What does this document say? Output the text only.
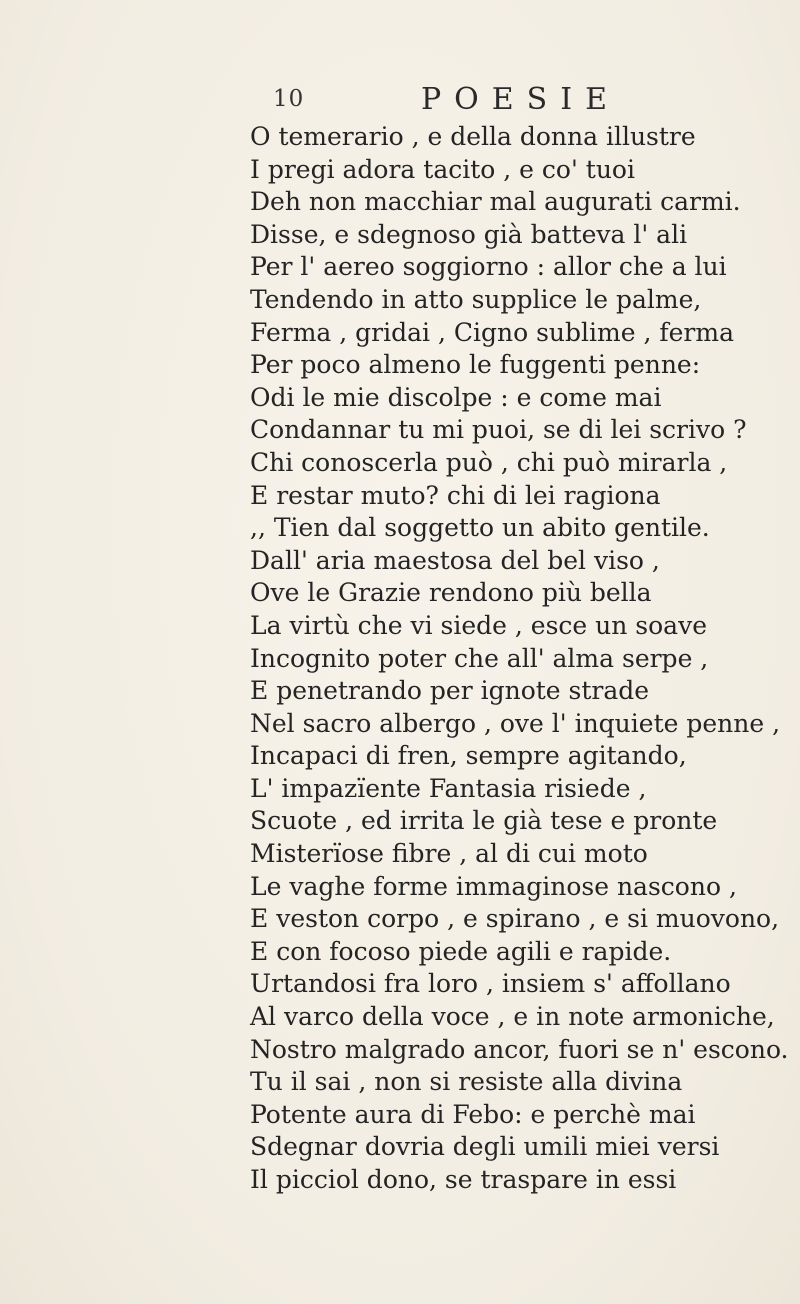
10	POESIE
O temerario , e della donna illustre
I pregi adora tacito , e co' tuoi
Deh non macchiar mal augurati carmi.
Disse, e sdegnoso già batteva l' ali
Per l' aereo soggiorno : allor che a lui
Tendendo in atto supplice le palme,
Ferma , gridai , Cigno sublime , ferma
Per poco almeno le fuggenti penne:
Odi le mie discolpe : e come mai
Condannar tu mi puoi, se di lei scrivo ?
Chi conoscerla può , chi può mirarla ,
E restar muto? chi di lei ragiona
,, Tien dal soggetto un abito gentile.
Dall' aria maestosa del bel viso ,
Ove le Grazie rendono più bella
La virtù che vi siede , esce un soave
Incognito poter che all' alma serpe ,
E penetrando per ignote strade
Nel sacro albergo , ove l' inquiete penne ,
Incapaci di fren, sempre agitando,
L' impazïente Fantasia risiede ,
Scuote , ed irrita le già tese e pronte
Misterïose fibre , al di cui moto
Le vaghe forme immaginose nascono ,
E veston corpo , e spirano , e si muovono,
E con focoso piede agili e rapide.
Urtandosi fra loro , insiem s' affollano
Al varco della voce , e in note armoniche,
Nostro malgrado ancor, fuori se n' escono.
Tu il sai , non si resiste alla divina
Potente aura di Febo: e perchè mai
Sdegnar dovria degli umili miei versi
Il picciol dono, se traspare in essi
